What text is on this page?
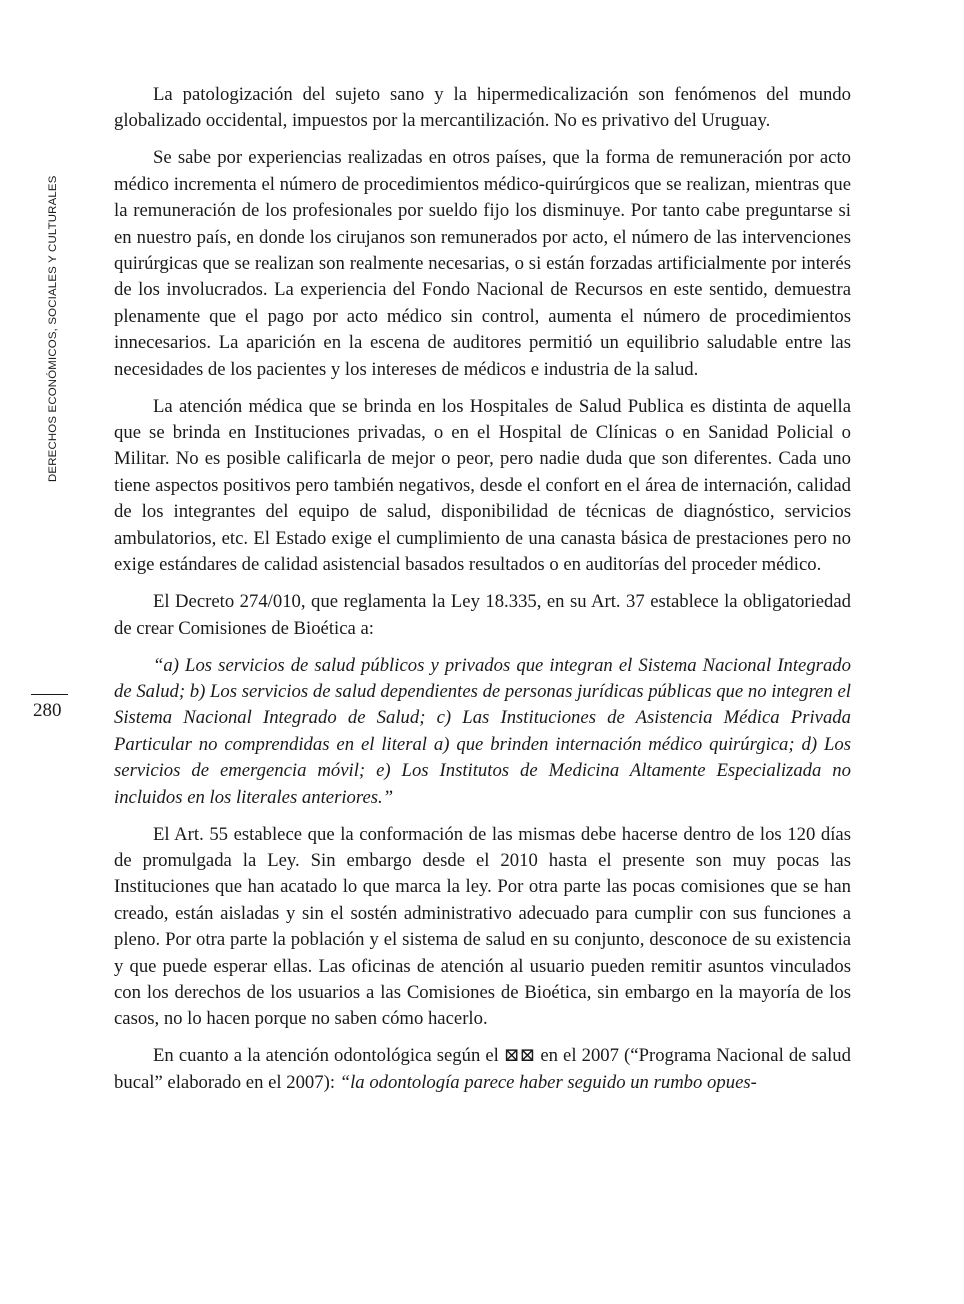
DERECHOS ECONÓMICOS, SOCIALES Y CULTURALES
280

La patologización del sujeto sano y la hipermedicalización son fenómenos del mundo globalizado occidental, impuestos por la mercantilización. No es privativo del Uruguay.

Se sabe por experiencias realizadas en otros países, que la forma de remuneración por acto médico incrementa el número de procedimientos médico-quirúrgicos que se realizan, mientras que la remuneración de los profesionales por sueldo fijo los disminuye. Por tanto cabe preguntarse si en nuestro país, en donde los cirujanos son remunerados por acto, el número de las intervenciones quirúrgicas que se realizan son realmente necesarias, o si están forzadas artificialmente por interés de los involucrados. La experiencia del Fondo Nacional de Recursos en este sentido, demuestra plenamente que el pago por acto médico sin control, aumenta el número de procedimientos innecesarios. La aparición en la escena de auditores permitió un equilibrio saludable entre las necesidades de los pacientes y los intereses de médicos e industria de la salud.

La atención médica que se brinda en los Hospitales de Salud Publica es distinta de aquella que se brinda en Instituciones privadas, o en el Hospital de Clínicas o en Sanidad Policial o Militar. No es posible calificarla de mejor o peor, pero nadie duda que son diferentes. Cada uno tiene aspectos positivos pero también negativos, desde el confort en el área de internación, calidad de los integrantes del equipo de salud, disponibilidad de técnicas de diagnóstico, servicios ambulatorios, etc. El Estado exige el cumplimiento de una canasta básica de prestaciones pero no exige estándares de calidad asistencial basados resultados o en auditorías del proceder médico.

El Decreto 274/010, que reglamenta la Ley 18.335, en su Art. 37 establece la obligatoriedad de crear Comisiones de Bioética a:

“a) Los servicios de salud públicos y privados que integran el Sistema Nacional Integrado de Salud; b) Los servicios de salud dependientes de personas jurídicas públicas que no integren el Sistema Nacional Integrado de Salud; c) Las Instituciones de Asistencia Médica Privada Particular no comprendidas en el literal a) que brinden internación médico quirúrgica; d) Los servicios de emergencia móvil; e) Los Institutos de Medicina Altamente Especializada no incluidos en los literales anteriores.”

El Art. 55 establece que la conformación de las mismas debe hacerse dentro de los 120 días de promulgada la Ley. Sin embargo desde el 2010 hasta el presente son muy pocas las Instituciones que han acatado lo que marca la ley. Por otra parte las pocas comisiones que se han creado, están aisladas y sin el sostén administrativo adecuado para cumplir con sus funciones a pleno. Por otra parte la población y el sistema de salud en su conjunto, desconoce de su existencia y que puede esperar ellas. Las oficinas de atención al usuario pueden remitir asuntos vinculados con los derechos de los usuarios a las Comisiones de Bioética, sin embargo en la mayoría de los casos, no lo hacen porque no saben cómo hacerlo.

En cuanto a la atención odontológica según el ⊠⊠ en el 2007 (“Programa Nacional de salud bucal” elaborado en el 2007): “la odontología parece haber seguido un rumbo opues-
